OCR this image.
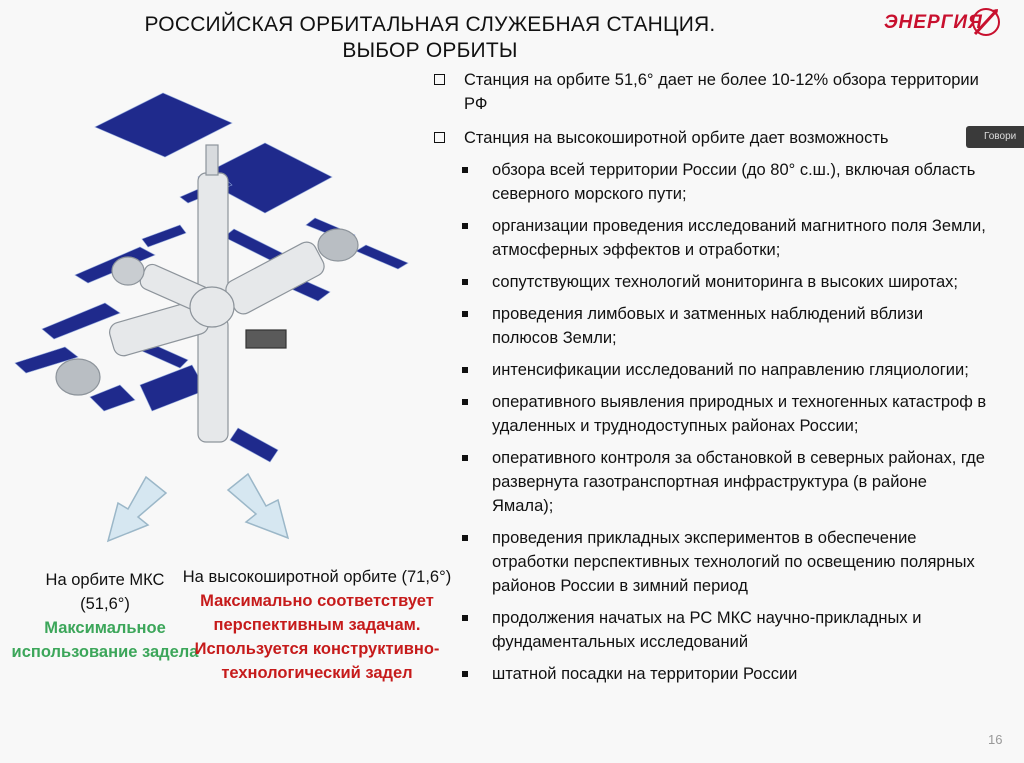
РОССИЙСКАЯ ОРБИТАЛЬНАЯ СЛУЖЕБНАЯ СТАНЦИЯ.
ВЫБОР ОРБИТЫ
ЭНЕРГИЯ
Говори
На орбите МКС
(51,6°)
Максимальное использование задела
На высокоширотной орбите (71,6°)
Максимально соответствует перспективным задачам. Используется конструктивно-технологический задел
Станция на орбите 51,6° дает не более 10-12% обзора территории РФ
Станция на высокоширотной орбите дает возможность
обзора всей территории России (до 80° с.ш.), включая область северного морского пути;
организации проведения исследований магнитного поля Земли, атмосферных эффектов и отработки;
сопутствующих технологий мониторинга в высоких широтах;
проведения лимбовых и затменных наблюдений вблизи полюсов Земли;
интенсификации исследований по направлению гляциологии;
оперативного выявления природных и техногенных катастроф в удаленных и труднодоступных районах России;
оперативного контроля за обстановкой в северных районах, где развернута газотранспортная инфраструктура (в районе Ямала);
проведения прикладных экспериментов в обеспечение отработки перспективных технологий по освещению полярных районов России в зимний период
продолжения начатых на РС МКС научно-прикладных и фундаментальных исследований
штатной посадки на территории России
16
